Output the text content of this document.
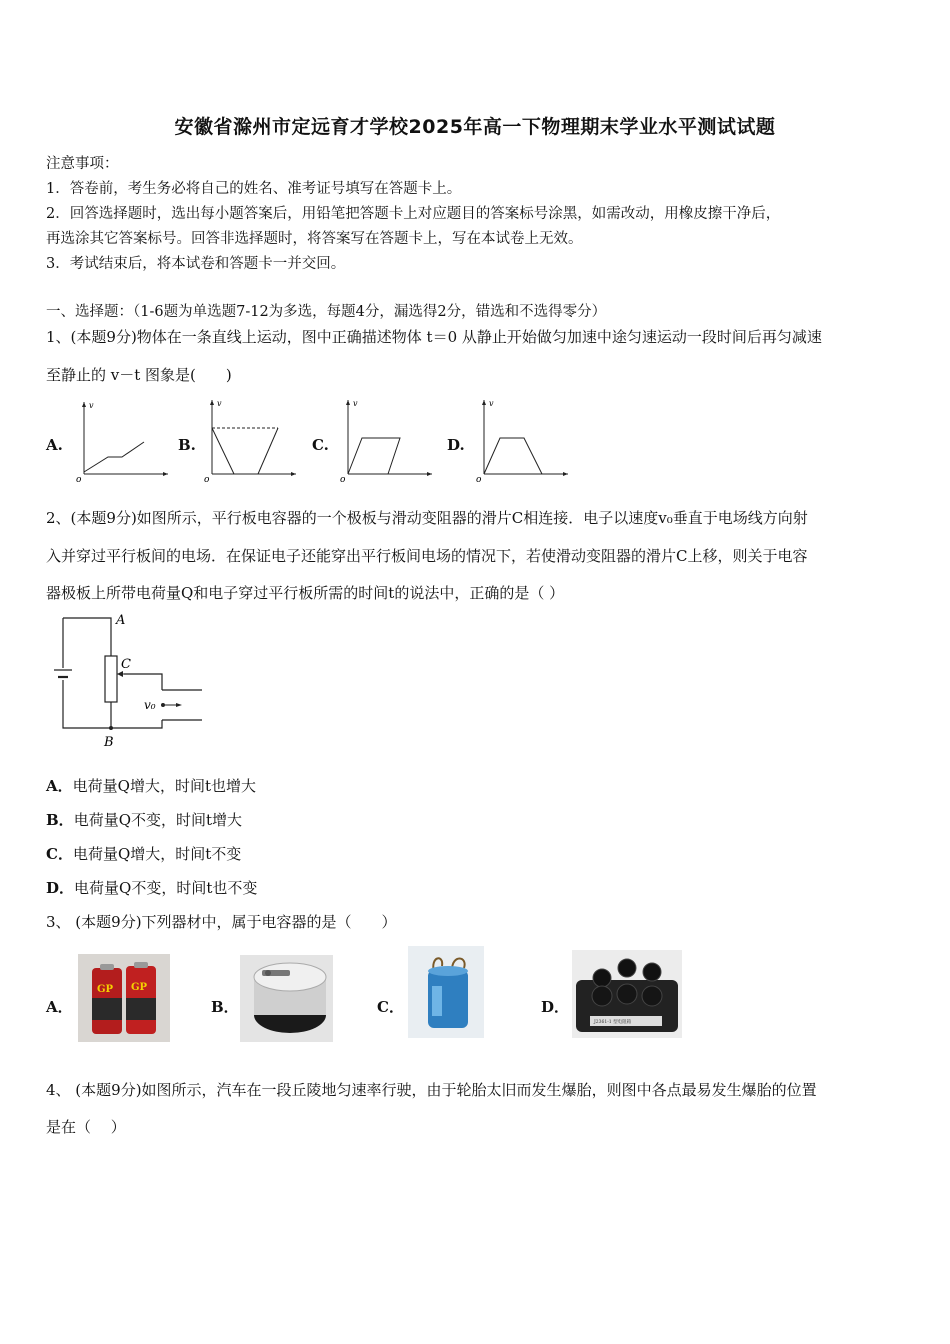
安徽省滁州市定远育才学校2025年高一下物理期末学业水平测试试题
注意事项：
1．答卷前，考生务必将自己的姓名、准考证号填写在答题卡上。
2．回答选择题时，选出每小题答案后，用铅笔把答题卡上对应题目的答案标号涂黑，如需改动，用橡皮擦干净后，
再选涂其它答案标号。回答非选择题时，将答案写在答题卡上，写在本试卷上无效。
3．考试结束后，将本试卷和答题卡一并交回。
一、选择题：（1-6题为单选题7-12为多选，每题4分，漏选得2分，错选和不选得零分）
1、(本题9分)物体在一条直线上运动，图中正确描述物体 t＝0 从静止开始做匀加速中途匀速运动一段时间后再匀减速
至静止的 v－t 图象是(　　)
A.	B.	C.	D.
v
o
v
o
v
o
v
o
2、(本题9分)如图所示，平行板电容器的一个极板与滑动变阻器的滑片C相连接．电子以速度v₀垂直于电场线方向射
入并穿过平行板间的电场．在保证电子还能穿出平行板间电场的情况下，若使滑动变阻器的滑片C上移，则关于电容
器极板上所带电荷量Q和电子穿过平行板所需的时间t的说法中，正确的是（ ）
A
C
v₀
B
A．电荷量Q增大，时间t也增大
B．电荷量Q不变，时间t增大
C．电荷量Q增大，时间t不变
D．电荷量Q不变，时间t也不变
3、 (本题9分)下列器材中，属于电容器的是（　　）
A．	B．	C．	D．
GP GP
J2361-1 型电阻箱
4、 (本题9分)如图所示，汽车在一段丘陵地匀速率行驶，由于轮胎太旧而发生爆胎，则图中各点最易发生爆胎的位置
是在（　 ）
